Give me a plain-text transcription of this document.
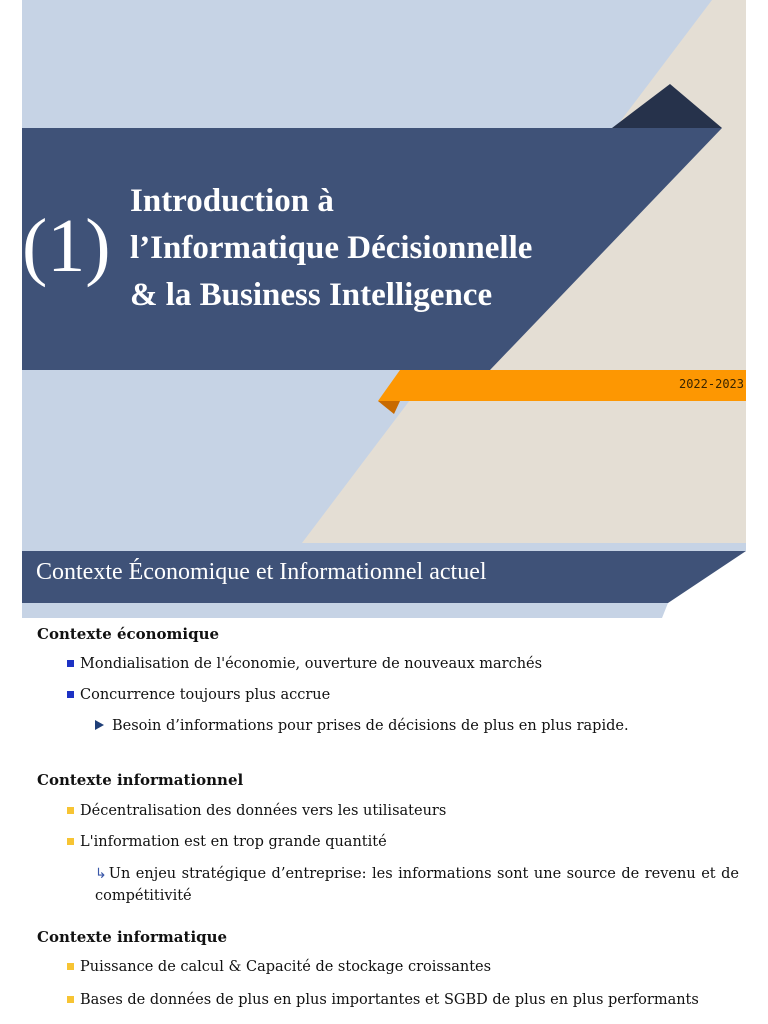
(1)
Introduction à
l’Informatique Décisionnelle
& la Business Intelligence
2022-2023
Contexte Économique et Informationnel actuel
Contexte économique
Mondialisation de l'économie, ouverture de nouveaux marchés
Concurrence toujours plus accrue
Besoin d’informations pour prises de décisions de plus en plus rapide.
Contexte informationnel
Décentralisation des données vers les utilisateurs
L'information est en trop grande quantité
↳ Un enjeu stratégique d’entreprise: les informations sont une source de revenu et de compétitivité
Contexte informatique
Puissance de calcul & Capacité de stockage croissantes
Bases de données de plus en plus importantes et SGBD de plus en plus performants
